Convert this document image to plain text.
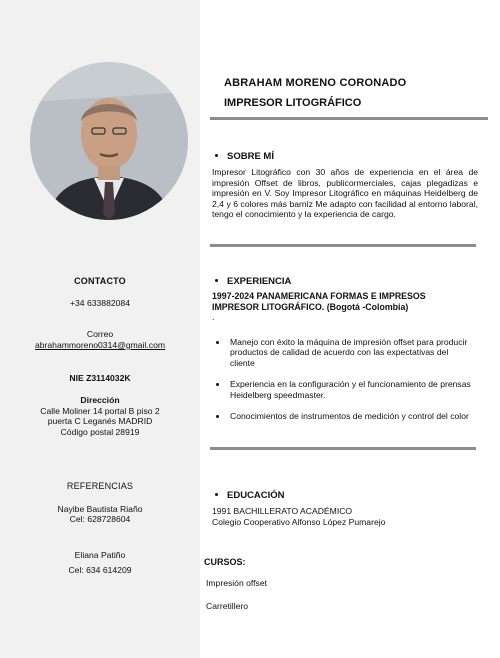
ABRAHAM MORENO CORONADO

IMPRESOR LITOGRÁFICO

SOBRE MÍ
Impresor Litográfico con 30 años de experiencia en el área de impresión Offset de libros, publicormerciales, cajas plegadizas e impresión en V. Soy Impresor Litográfico en máquinas Heidelberg de 2,4 y 6 colores más barniz Me adapto con facilidad al entorno laboral, tengo el conocimiento y la experiencia de cargo.
EXPERIENCIA
1997-2024 PANAMERICANA FORMAS E IMPRESOS
IMPRESOR LITOGRÁFICO. (Bogotá -Colombia)
.
Manejo con éxito la máquina de impresión offset para producir productos de calidad de acuerdo con las expectativas del cliente
Experiencia en la configuración y el funcionamiento de prensas Heidelberg speedmaster.
Conocimientos de instrumentos de medición y control del color
EDUCACIÓN
1991 BACHILLERATO ACADÉMICO
Colegio Cooperativo Alfonso López Pumarejo
CURSOS:
Impresión offset
Carretillero
CONTACTO
+34 633882084
Correo
abrahammoreno0314@gmail.com
NIE Z3114032K
Dirección
Calle Moliner 14 portal B piso 2
puerta C Leganés MADRID
Código postal 28919
REFERENCIAS
Nayibe Bautista Riaño
Cel: 628728604
Eliana Patiño
Cel: 634 614209
